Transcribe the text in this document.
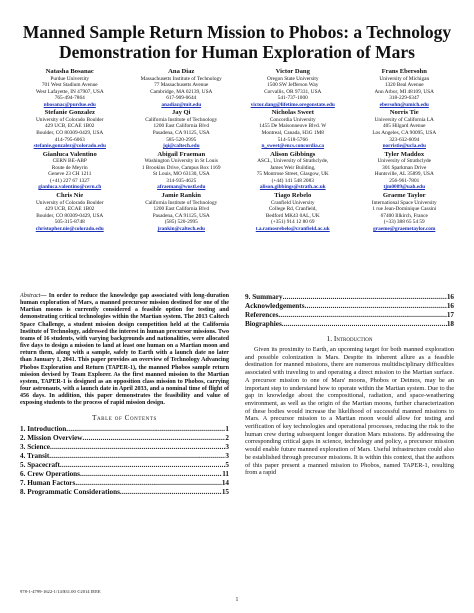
Manned Sample Return Mission to Phobos: a Technology Demonstration for Human Exploration of Mars
Natasha Bosanac
Purdue University
701 West Stadium Avenue
West Lafayette, IN 47907, USA
765-494-7864
nbosanac@purdue.edu
Ana Diaz
Massachusetts Institute of Technology
77 Massachusetts Avenue
Cambridge, MA 02139, USA
617-909-0644
anadiaz@mit.edu
Victor Dang
Oregon State University
1500 SW Jefferson Way
Corvallis, OR 97331, USA
541-737-1000
victor.dang@lifetime.oregonstate.edu
Frans Ebersohn
University of Michigan
1320 Beal Avenue
Ann Arbor, MI 48109, USA
318-229-6347
ebersohn@umich.edu
Stefanie Gonzalez
University of Colorado Boulder
429 UCB, ECAE 1B02
Boulder, CO 80309-0429, USA
414-795-6063
stefanie.gonzalez@colorado.edu
Jay Qi
California Institute of Technology
1200 East California Blvd
Pasadena, CA 91125, USA
585-520-2995
jqi@caltech.edu
Nicholas Sweet
Concordia University
1455 De Maisonneuve Blvd. W
Montreal, Canada, H3G 1M8
514-518-5766
n_sweet@encs.concordia.ca
Norris Tie
University of California LA
405 Hilgard Avenue
Los Angeles, CA 90095, USA
323-632-6094
norristie@ucla.edu
Gianluca Valentino
CERN BE-ABP
Route de Meyrin
Geneve 23 CH 1211
(+41) 227 67 1327
gianluca.valentino@cern.ch
Abigail Fraeman
Washington University in St Louis
1 Brookins Drive, Campus Box 1169
St Louis, MO 63130, USA
314-935-4625
afraeman@wustl.edu
Alison Gibbings
ASCL, University of Strathclyde,
James Weir Building,
75 Montrose Street, Glasgow, UK
(+44) 141 548 2083
alison.gibbings@strath.ac.uk
Tyler Maddox
University of Strathclyde
301 Sparkman Drive
Huntsville, AL 35899, USA
256-961-7801
tjm0009@uah.edu
Chris Nie
University of Colorado Boulder
429 UCB, ECAE 1B02
Boulder, CO 80309-0429, USA
505-315-8748
christopher.nie@colorado.edu
Jamie Rankin
California Institute of Technology
1200 East California Blvd
Pasadena, CA 91125, USA
(585) 520-2995
jrankin@caltech.edu
Tiago Rebelo
Cranfield University
College Rd, Cranfield,
Bedford MK43 0AL, UK
(+351) 914 12 80 69
t.a.ramosrebelo@cranfield.ac.uk
Graeme Taylor
International Space University
1 rue Jean-Dominique Cassini
67400 Illkirch, France
(+33) 388 65 54 59
graeme@graemetaylor.com

Abstract— In order to reduce the knowledge gap associated with long-duration human exploration of Mars, a manned precursor mission destined for one of the Martian moons is currently considered a feasible option for testing and demonstrating critical technologies within the Martian system. The 2013 Caltech Space Challenge, a student mission design competition held at the California Institute of Technology, addressed the interest in human precursor missions. Two teams of 16 students, with varying backgrounds and nationalities, were allocated five days to design a mission to land at least one human on a Martian moon and return them, along with a sample, safely to Earth with a launch date no later than January 1, 2041. This paper provides an overview of Technology Advancing Phobos Exploration and Return (TAPER-1), the manned Phobos sample return mission devised by Team Explorer. As the first manned mission to the Martian system, TAPER-1 is designed as an opposition class mission to Phobos, carrying four astronauts, with a launch date in April 2033, and a nominal time of flight of 456 days. In addition, this paper demonstrates the feasibility and value of exposing students to the process of rapid mission design.

Table of Contents
1. Introduction .....	1
2. Mission Overview .....	2
3. Science .....	3
4. Transit .....	3
5. Spacecraft .....	5
6. Crew Operations .....	11
7. Human Factors .....	14
8. Programmatic Considerations .....	15
9. Summary .....	16
Acknowledgements .....	16
References .....	17
Biographies .....	18
1. Introduction

Given its proximity to Earth, an upcoming target for both manned exploration and possible colonization is Mars. Despite its inherent allure as a feasible destination for manned missions, there are numerous multidisciplinary difficulties associated with traveling to and operating a direct mission to the Martian surface. A precursor mission to one of Mars' moons, Phobos or Deimos, may be an important step to understand how to operate within the Martian system. Due to the gap in knowledge about the compositional, radiation, and space-weathering environment, as well as the origin of the Martian moons, further characterization of these bodies would increase the likelihood of successful manned missions to Mars. A precursor mission to a Martian moon would allow for testing and verification of key technologies and operational processes, reducing the risk to the human crew during subsequent longer duration Mars missions. By addressing the corresponding critical gaps in science, technology and policy, a precursor mission would enable future manned exploration of Mars. Useful infrastructure could also be established through precursor missions. It is within this context, that the authors of this paper present a manned mission to Phobos, named TAPER-1, resulting from a rapid

978-1-4799-1622-1/14/$31.00 ©2014 IEEE
1
